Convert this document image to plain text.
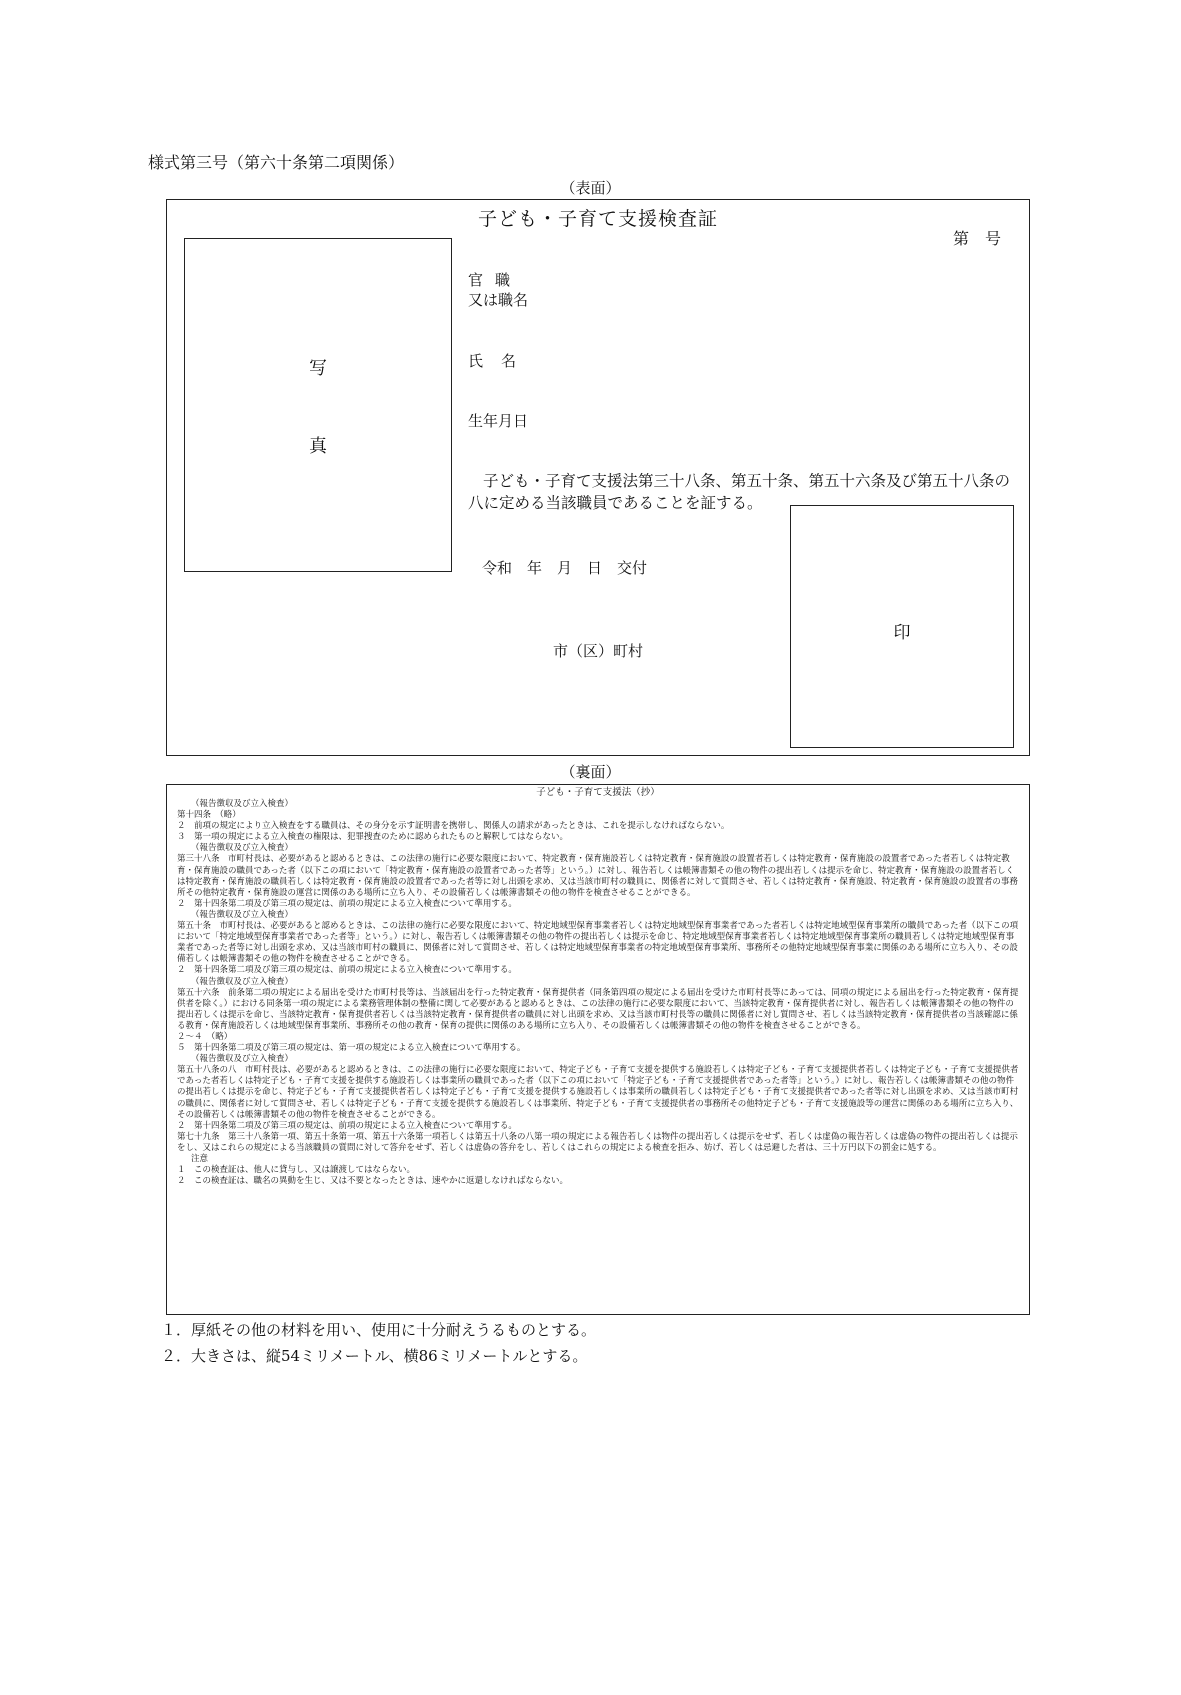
様式第三号（第六十条第二項関係）
（表面）
子ども・子育て支援検査証
第　号
写
真
官職
又は職名
氏名
生年月日
子ども・子育て支援法第三十八条、第五十条、第五十六条及び第五十八条の八に定める当該職員であることを証する。
令和　年　月　日　交付
市（区）町村
印
（裏面）
子ども・子育て支援法（抄）
（報告徴収及び立入検査）
第十四条　（略）
２　前項の規定により立入検査をする職員は、その身分を示す証明書を携帯し、関係人の請求があったときは、これを提示しなければならない。
３　第一項の規定による立入検査の権限は、犯罪捜査のために認められたものと解釈してはならない。
（報告徴収及び立入検査）
第三十八条　市町村長は、必要があると認めるときは、この法律の施行に必要な限度において、特定教育・保育施設若しくは特定教育・保育施設の設置者若しくは特定教育・保育施設の設置者であった者若しくは特定教育・保育施設の職員であった者（以下この項において「特定教育・保育施設の設置者であった者等」という。）に対し、報告若しくは帳簿書類その他の物件の提出若しくは提示を命じ、特定教育・保育施設の設置者若しくは特定教育・保育施設の職員若しくは特定教育・保育施設の設置者であった者等に対し出頭を求め、又は当該市町村の職員に、関係者に対して質問させ、若しくは特定教育・保育施設、特定教育・保育施設の設置者の事務所その他特定教育・保育施設の運営に関係のある場所に立ち入り、その設備若しくは帳簿書類その他の物件を検査させることができる。
２　第十四条第二項及び第三項の規定は、前項の規定による立入検査について準用する。
（報告徴収及び立入検査）
第五十条　市町村長は、必要があると認めるときは、この法律の施行に必要な限度において、特定地域型保育事業者若しくは特定地域型保育事業者であった者若しくは特定地域型保育事業所の職員であった者（以下この項において「特定地域型保育事業者であった者等」という。）に対し、報告若しくは帳簿書類その他の物件の提出若しくは提示を命じ、特定地域型保育事業者若しくは特定地域型保育事業所の職員若しくは特定地域型保育事業者であった者等に対し出頭を求め、又は当該市町村の職員に、関係者に対して質問させ、若しくは特定地域型保育事業者の特定地域型保育事業所、事務所その他特定地域型保育事業に関係のある場所に立ち入り、その設備若しくは帳簿書類その他の物件を検査させることができる。
２　第十四条第二項及び第三項の規定は、前項の規定による立入検査について準用する。
（報告徴収及び立入検査）
第五十六条　前条第二項の規定による届出を受けた市町村長等は、当該届出を行った特定教育・保育提供者（同条第四項の規定による届出を受けた市町村長等にあっては、同項の規定による届出を行った特定教育・保育提供者を除く。）における同条第一項の規定による業務管理体制の整備に関して必要があると認めるときは、この法律の施行に必要な限度において、当該特定教育・保育提供者に対し、報告若しくは帳簿書類その他の物件の提出若しくは提示を命じ、当該特定教育・保育提供者若しくは当該特定教育・保育提供者の職員に対し出頭を求め、又は当該市町村長等の職員に関係者に対し質問させ、若しくは当該特定教育・保育提供者の当該確認に係る教育・保育施設若しくは地域型保育事業所、事務所その他の教育・保育の提供に関係のある場所に立ち入り、その設備若しくは帳簿書類その他の物件を検査させることができる。
２～４　（略）
５　第十四条第二項及び第三項の規定は、第一項の規定による立入検査について準用する。
（報告徴収及び立入検査）
第五十八条の八　市町村長は、必要があると認めるときは、この法律の施行に必要な限度において、特定子ども・子育て支援を提供する施設若しくは特定子ども・子育て支援提供者若しくは特定子ども・子育て支援提供者であった者若しくは特定子ども・子育て支援を提供する施設若しくは事業所の職員であった者（以下この項において「特定子ども・子育て支援提供者であった者等」という。）に対し、報告若しくは帳簿書類その他の物件の提出若しくは提示を命じ、特定子ども・子育て支援提供者若しくは特定子ども・子育て支援を提供する施設若しくは事業所の職員若しくは特定子ども・子育て支援提供者であった者等に対し出頭を求め、又は当該市町村の職員に、関係者に対して質問させ、若しくは特定子ども・子育て支援を提供する施設若しくは事業所、特定子ども・子育て支援提供者の事務所その他特定子ども・子育て支援施設等の運営に関係のある場所に立ち入り、その設備若しくは帳簿書類その他の物件を検査させることができる。
２　第十四条第二項及び第三項の規定は、前項の規定による立入検査について準用する。
第七十九条　第三十八条第一項、第五十条第一項、第五十六条第一項若しくは第五十八条の八第一項の規定による報告若しくは物件の提出若しくは提示をせず、若しくは虚偽の報告若しくは虚偽の物件の提出若しくは提示をし、又はこれらの規定による当該職員の質問に対して答弁をせず、若しくは虚偽の答弁をし、若しくはこれらの規定による検査を拒み、妨げ、若しくは忌避した者は、三十万円以下の罰金に処する。
注意
１　この検査証は、他人に貸与し、又は譲渡してはならない。
２　この検査証は、職名の異動を生じ、又は不要となったときは、速やかに返還しなければならない。
１．厚紙その他の材料を用い、使用に十分耐えうるものとする。
２．大きさは、縦54ミリメートル、横86ミリメートルとする。
